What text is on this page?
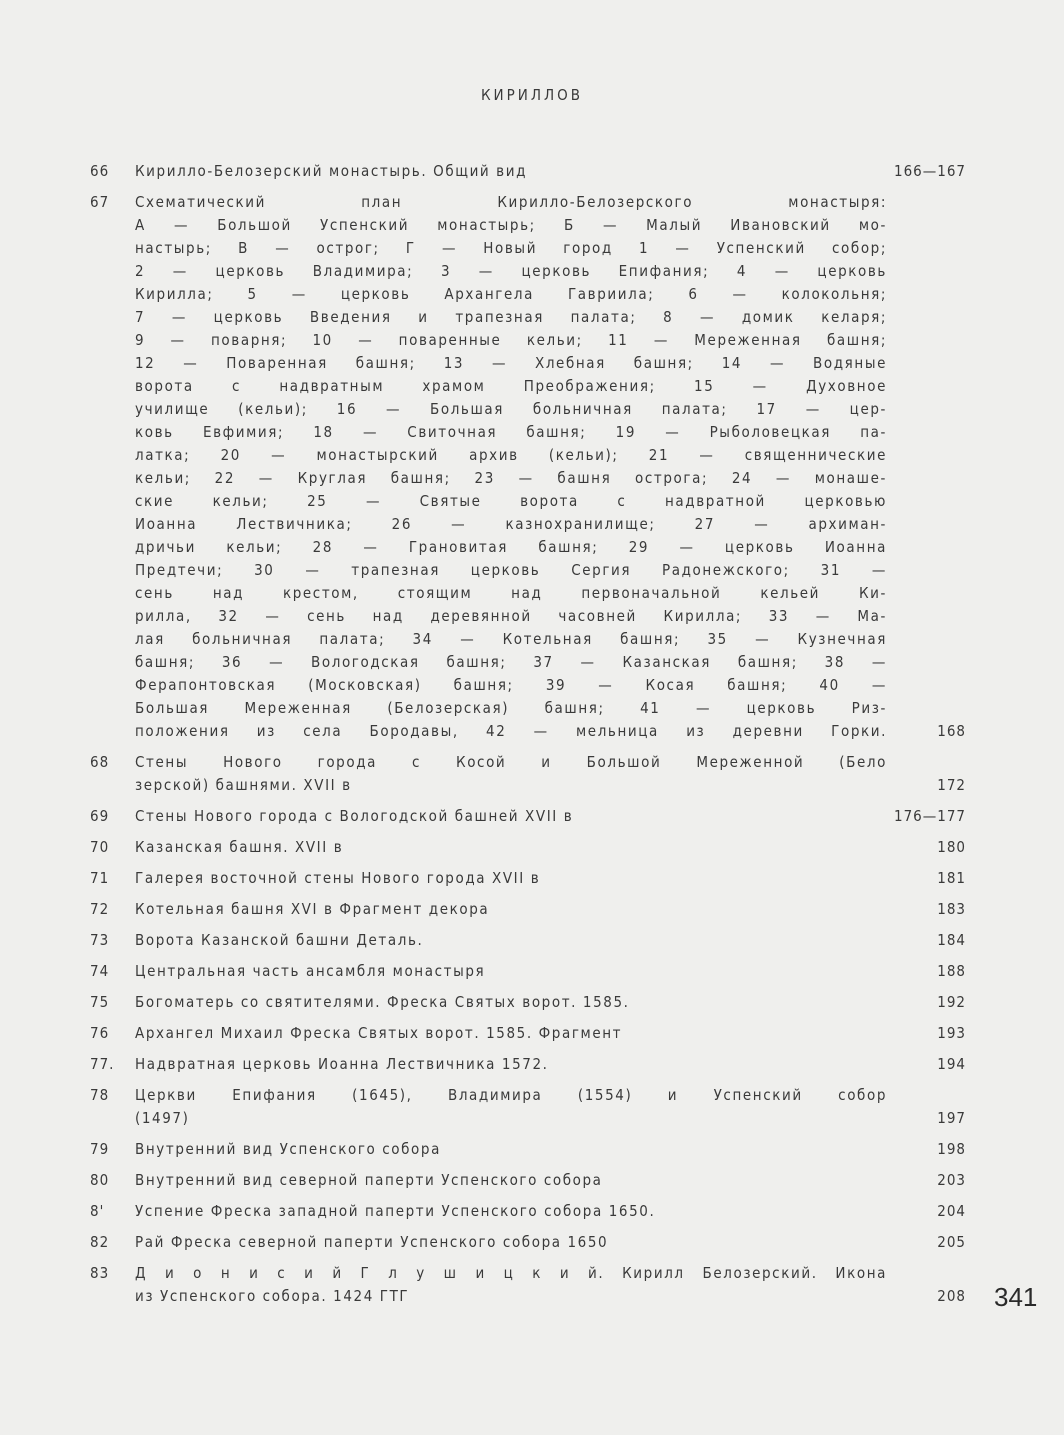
КИРИЛЛОВ
66 Кирилло-Белозерский монастырь. Общий вид	166—167
67 Схематический план Кирилло-Белозерского монастыря:
А — Большой Успенский монастырь; Б — Малый Ивановский мо-
настырь; В — острог; Г — Новый город 1 — Успенский собор;
2 — церковь Владимира; 3 — церковь Епифания; 4 — церковь
Кирилла; 5 — церковь Архангела Гавриила; 6 — колокольня;
7 — церковь Введения и трапезная палата; 8 — домик келаря;
9 — поварня; 10 — поваренные кельи; 11 — Мереженная башня;
12 — Поваренная башня; 13 — Хлебная башня; 14 — Водяные
ворота с надвратным храмом Преображения; 15 — Духовное
училище (кельи); 16 — Большая больничная палата; 17 — цер-
ковь Евфимия; 18 — Свиточная башня; 19 — Рыболовецкая па-
латка; 20 — монастырский архив (кельи); 21 — священнические
кельи; 22 — Круглая башня; 23 — башня острога; 24 — монаше-
ские кельи; 25 — Святые ворота с надвратной церковью
Иоанна Лествичника; 26 — казнохранилище; 27 — архиман-
дричьи кельи; 28 — Грановитая башня; 29 — церковь Иоанна
Предтечи; 30 — трапезная церковь Сергия Радонежского; 31 —
сень над крестом, стоящим над первоначальной кельей Ки-
рилла, 32 — сень над деревянной часовней Кирилла; 33 — Ма-
лая больничная палата; 34 — Котельная башня; 35 — Кузнечная
башня; 36 — Вологодская башня; 37 — Казанская башня; 38 —
Ферапонтовская (Московская) башня; 39 — Косая башня; 40 —
Большая Мереженная (Белозерская) башня; 41 — церковь Риз-
положения из села Бородавы, 42 — мельница из деревни Горки.	168
68 Стены Нового города с Косой и Большой Мереженной (Бело
зерской) башнями. XVII в	172
69 Стены Нового города с Вологодской башней XVII в	176—177
70 Казанская башня. XVII в	180
71 Галерея восточной стены Нового города XVII в	181
72 Котельная башня XVI в Фрагмент декора	183
73 Ворота Казанской башни Деталь.	184
74 Центральная часть ансамбля монастыря	188
75 Богоматерь со святителями. Фреска Святых ворот. 1585.	192
76 Архангел Михаил Фреска Святых ворот. 1585. Фрагмент	193
77. Надвратная церковь Иоанна Лествичника 1572.	194
78 Церкви Епифания (1645), Владимира (1554) и Успенский собор
(1497)	197
79 Внутренний вид Успенского собора	198
80 Внутренний вид северной паперти Успенского собора	203
8' Успение Фреска западной паперти Успенского собора 1650.	204
82 Рай Фреска северной паперти Успенского собора 1650	205
83 Д и о н и с и й Г л у ш и ц к и й. Кирилл Белозерский. Икона
из Успенского собора. 1424 ГТГ	208 341
